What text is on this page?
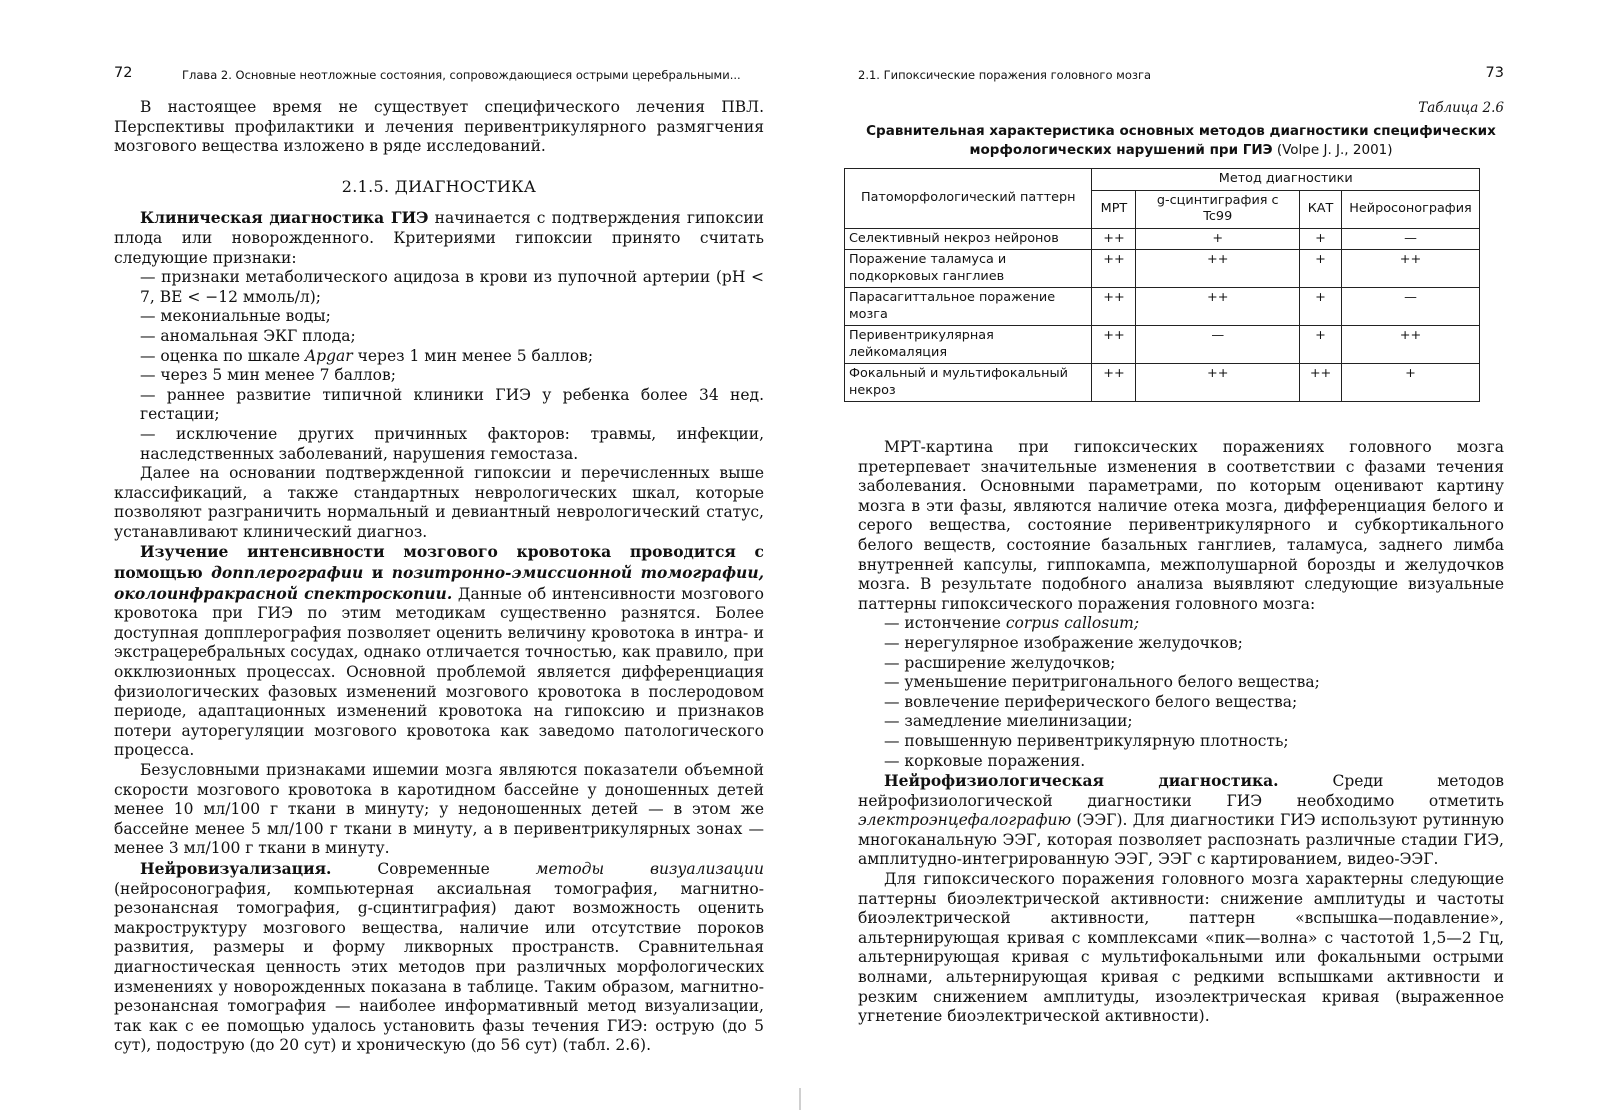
72	Глава 2. Основные неотложные состояния, сопровождающиеся острыми церебральными...

В настоящее время не существует специфического лечения ПВЛ. Перспективы профилактики и лечения перивентрикулярного размягчения мозгового вещества изложено в ряде исследований.

2.1.5. ДИАГНОСТИКА

Клиническая диагностика ГИЭ начинается с подтверждения гипоксии плода или новорожденного. Критериями гипоксии принято считать следующие признаки:

— признаки метаболического ацидоза в крови из пупочной артерии (pH < 7, BE < −12 ммоль/л);

— мекониальные воды;

— аномальная ЭКГ плода;

— оценка по шкале Apgar через 1 мин менее 5 баллов;

— через 5 мин менее 7 баллов;

— раннее развитие типичной клиники ГИЭ у ребенка более 34 нед. гестации;

— исключение других причинных факторов: травмы, инфекции, наследственных заболеваний, нарушения гемостаза.

Далее на основании подтвержденной гипоксии и перечисленных выше классификаций, а также стандартных неврологических шкал, которые позволяют разграничить нормальный и девиантный неврологический статус, устанавливают клинический диагноз.

Изучение интенсивности мозгового кровотока проводится с помощью допплерографии и позитронно-эмиссионной томографии, околоинфракрасной спектроскопии. Данные об интенсивности мозгового кровотока при ГИЭ по этим методикам существенно разнятся. Более доступная допплерография позволяет оценить величину кровотока в интра- и экстрацеребральных сосудах, однако отличается точностью, как правило, при окклюзионных процессах. Основной проблемой является дифференциация физиологических фазовых изменений мозгового кровотока в послеродовом периоде, адаптационных изменений кровотока на гипоксию и признаков потери ауторегуляции мозгового кровотока как заведомо патологического процесса.

Безусловными признаками ишемии мозга являются показатели объемной скорости мозгового кровотока в каротидном бассейне у доношенных детей менее 10 мл/100 г ткани в минуту; у недоношенных детей — в этом же бассейне менее 5 мл/100 г ткани в минуту, а в перивентрикулярных зонах — менее 3 мл/100 г ткани в минуту.

Нейровизуализация. Современные методы визуализации (нейросонография, компьютерная аксиальная томография, магнитно-резонансная томография, g-сцинтиграфия) дают возможность оценить макроструктуру мозгового вещества, наличие или отсутствие пороков развития, размеры и форму ликворных пространств. Сравнительная диагностическая ценность этих методов при различных морфологических изменениях у новорожденных показана в таблице. Таким образом, магнитно-резонансная томография — наиболее информативный метод визуализации, так как с ее помощью удалось установить фазы течения ГИЭ: острую (до 5 сут), подострую (до 20 сут) и хроническую (до 56 сут) (табл. 2.6).

2.1. Гипоксические поражения головного мозга	73
Таблица 2.6
Сравнительная характеристика основных методов диагностики специфических морфологических нарушений при ГИЭ (Volpe J. J., 2001)
Патоморфологический паттерн	Метод диагностики			
	МРТ	g-сцинтиграфия с Tc99	КАТ	Нейросонография
Селективный некроз нейронов	++	+	+	—
Поражение таламуса и подкорковых ганглиев	++	++	+	++
Парасагиттальное поражение мозга	++	++	+	—
Перивентрикулярная лейкомаляция	++	—	+	++
Фокальный и мультифокальный некроз	++	++	++	+

МРТ-картина при гипоксических поражениях головного мозга претерпевает значительные изменения в соответствии с фазами течения заболевания. Основными параметрами, по которым оценивают картину мозга в эти фазы, являются наличие отека мозга, дифференциация белого и серого вещества, состояние перивентрикулярного и субкортикального белого веществ, состояние базальных ганглиев, таламуса, заднего лимба внутренней капсулы, гиппокампа, межполушарной борозды и желудочков мозга. В результате подобного анализа выявляют следующие визуальные паттерны гипоксического поражения головного мозга:

— истончение corpus callosum;

— нерегулярное изображение желудочков;

— расширение желудочков;

— уменьшение перитригонального белого вещества;

— вовлечение периферического белого вещества;

— замедление миелинизации;

— повышенную перивентрикулярную плотность;

— корковые поражения.

Нейрофизиологическая диагностика. Среди методов нейрофизиологической диагностики ГИЭ необходимо отметить электроэнцефалографию (ЭЭГ). Для диагностики ГИЭ используют рутинную многоканальную ЭЭГ, которая позволяет распознать различные стадии ГИЭ, амплитудно-интегрированную ЭЭГ, ЭЭГ с картированием, видео-ЭЭГ.

Для гипоксического поражения головного мозга характерны следующие паттерны биоэлектрической активности: снижение амплитуды и частоты биоэлектрической активности, паттерн «вспышка—подавление», альтернирующая кривая с комплексами «пик—волна» с частотой 1,5—2 Гц, альтернирующая кривая с мультифокальными или фокальными острыми волнами, альтернирующая кривая с редкими вспышками активности и резким снижением амплитуды, изоэлектрическая кривая (выраженное угнетение биоэлектрической активности).
